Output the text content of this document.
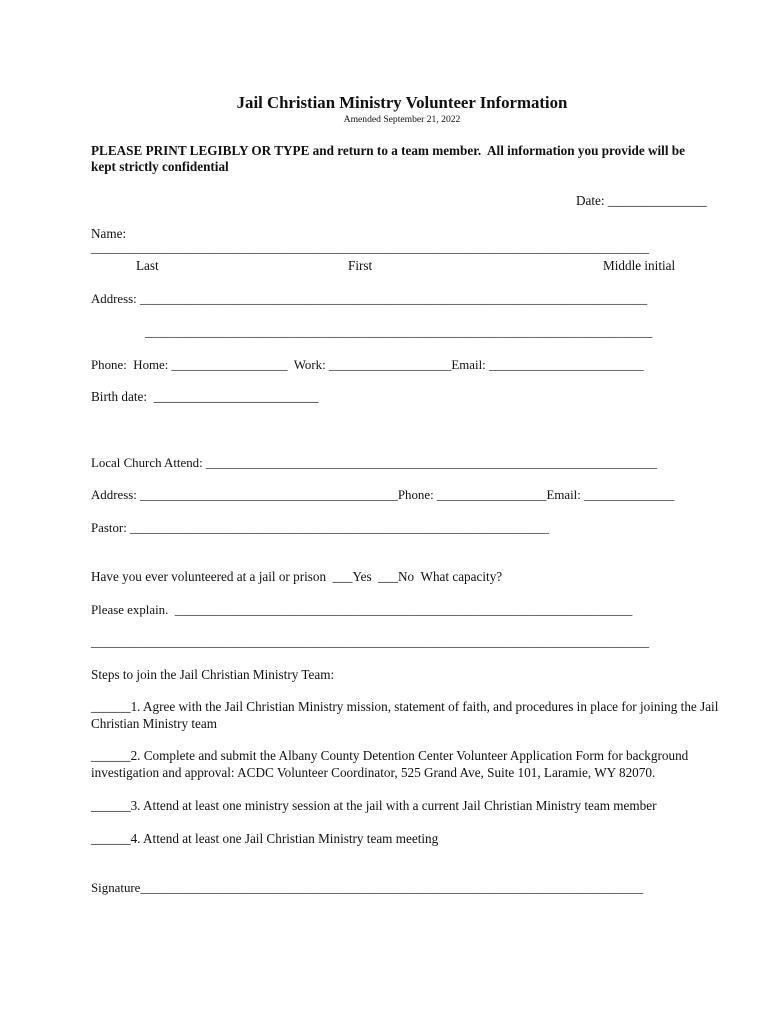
Jail Christian Ministry Volunteer Information
Amended September 21, 2022
PLEASE PRINT LEGIBLY OR TYPE and return to a team member.  All information you provide will be
kept strictly confidential
Date: _______________
Name:
________________________________________________________________________________________
Last	First	Middle initial
Address: _______________________________________________________________________________
_______________________________________________________________________________
Phone:  Home: __________________  Work: ___________________Email: ________________________
Birth date:  _________________________
Local Church Attend: ______________________________________________________________________
Address: ________________________________________Phone: _________________Email: ______________
Pastor: _________________________________________________________________
Have you ever volunteered at a jail or prison  ___Yes  ___No  What capacity?
Please explain.  _______________________________________________________________________
________________________________________________________________________________________
Steps to join the Jail Christian Ministry Team:
______1. Agree with the Jail Christian Ministry mission, statement of faith, and procedures in place for joining the Jail Christian Ministry team
______2. Complete and submit the Albany County Detention Center Volunteer Application Form for background investigation and approval: ACDC Volunteer Coordinator, 525 Grand Ave, Suite 101, Laramie, WY 82070.
______3. Attend at least one ministry session at the jail with a current Jail Christian Ministry team member
______4. Attend at least one Jail Christian Ministry team meeting
Signature______________________________________________________________________________
